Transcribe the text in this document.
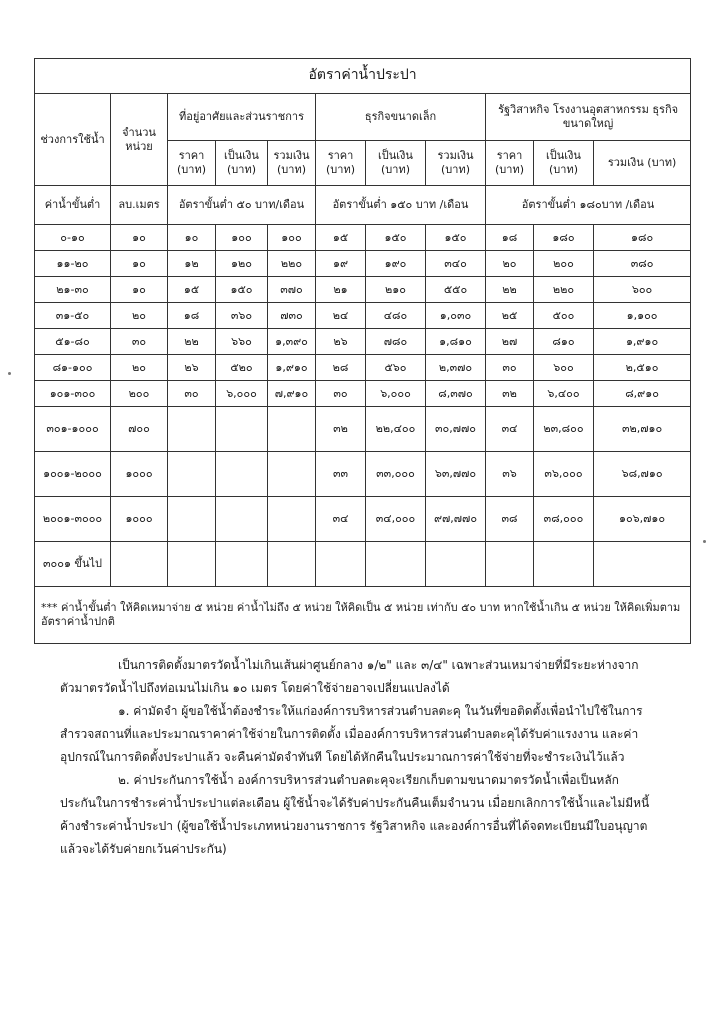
อัตราค่าน้ำประปา										
ช่วงการใช้น้ำ	จำนวนหน่วย	ที่อยู่อาศัยและส่วนราชการ			ธุรกิจขนาดเล็ก			รัฐวิสาหกิจ โรงงานอุตสาหกรรม ธุรกิจขนาดใหญ่		
		ราคา (บาท)	เป็นเงิน (บาท)	รวมเงิน (บาท)	ราคา (บาท)	เป็นเงิน (บาท)	รวมเงิน (บาท)	ราคา (บาท)	เป็นเงิน (บาท)	รวมเงิน (บาท)
ค่าน้ำขั้นต่ำ	ลบ.เมตร	อัตราขั้นต่ำ ๕๐ บาท/เดือน			อัตราขั้นต่ำ ๑๕๐ บาท /เดือน			อัตราขั้นต่ำ ๑๘๐บาท /เดือน		
๐-๑๐	๑๐	๑๐	๑๐๐	๑๐๐	๑๕	๑๕๐	๑๕๐	๑๘	๑๘๐	๑๘๐
๑๑-๒๐	๑๐	๑๒	๑๒๐	๒๒๐	๑๙	๑๙๐	๓๔๐	๒๐	๒๐๐	๓๘๐
๒๑-๓๐	๑๐	๑๕	๑๕๐	๓๗๐	๒๑	๒๑๐	๕๕๐	๒๒	๒๒๐	๖๐๐
๓๑-๕๐	๒๐	๑๘	๓๖๐	๗๓๐	๒๔	๔๘๐	๑,๐๓๐	๒๕	๕๐๐	๑,๑๐๐
๕๑-๘๐	๓๐	๒๒	๖๖๐	๑,๓๙๐	๒๖	๗๘๐	๑,๘๑๐	๒๗	๘๑๐	๑,๙๑๐
๘๑-๑๐๐	๒๐	๒๖	๕๒๐	๑,๙๑๐	๒๘	๕๖๐	๒,๓๗๐	๓๐	๖๐๐	๒,๕๑๐
๑๐๑-๓๐๐	๒๐๐	๓๐	๖,๐๐๐	๗,๙๑๐	๓๐	๖,๐๐๐	๘,๓๗๐	๓๒	๖,๔๐๐	๘,๙๑๐
๓๐๑-๑๐๐๐	๗๐๐				๓๒	๒๒,๔๐๐	๓๐,๗๗๐	๓๔	๒๓,๘๐๐	๓๒,๗๑๐
๑๐๐๑-๒๐๐๐	๑๐๐๐				๓๓	๓๓,๐๐๐	๖๓,๗๗๐	๓๖	๓๖,๐๐๐	๖๘,๗๑๐
๒๐๐๑-๓๐๐๐	๑๐๐๐				๓๔	๓๔,๐๐๐	๙๗,๗๗๐	๓๘	๓๘,๐๐๐	๑๐๖,๗๑๐
๓๐๐๑ ขึ้นไป										
*** ค่าน้ำขั้นต่ำ ให้คิดเหมาจ่าย ๕ หน่วย ค่าน้ำไม่ถึง ๕ หน่วย ให้คิดเป็น ๕ หน่วย เท่ากับ ๕๐ บาท หากใช้น้ำเกิน ๕ หน่วย ให้คิดเพิ่มตามอัตราค่าน้ำปกติ										

เป็นการติดตั้งมาตรวัดน้ำไม่เกินเส้นผ่าศูนย์กลาง ๑/๒" และ ๓/๔" เฉพาะส่วนเหมาจ่ายที่มีระยะห่างจากตัวมาตรวัดน้ำไปถึงท่อเมนไม่เกิน ๑๐ เมตร โดยค่าใช้จ่ายอาจเปลี่ยนแปลงได้

๑. ค่ามัดจำ ผู้ขอใช้น้ำต้องชำระให้แก่องค์การบริหารส่วนตำบลตะคุ ในวันที่ขอติดตั้งเพื่อนำไปใช้ในการสำรวจสถานที่และประมาณราคาค่าใช้จ่ายในการติดตั้ง เมื่อองค์การบริหารส่วนตำบลตะคุได้รับค่าแรงงาน และค่าอุปกรณ์ในการติดตั้งประปาแล้ว จะคืนค่ามัดจำทันที โดยได้หักคืนในประมาณการค่าใช้จ่ายที่จะชำระเงินไว้แล้ว

๒. ค่าประกันการใช้น้ำ องค์การบริหารส่วนตำบลตะคุจะเรียกเก็บตามขนาดมาตรวัดน้ำเพื่อเป็นหลักประกันในการชำระค่าน้ำประปาแต่ละเดือน ผู้ใช้น้ำจะได้รับค่าประกันคืนเต็มจำนวน เมื่อยกเลิกการใช้น้ำและไม่มีหนี้ค้างชำระค่าน้ำประปา (ผู้ขอใช้น้ำประเภทหน่วยงานราชการ รัฐวิสาหกิจ และองค์การอื่นที่ได้จดทะเบียนมีใบอนุญาตแล้วจะได้รับค่ายกเว้นค่าประกัน)
